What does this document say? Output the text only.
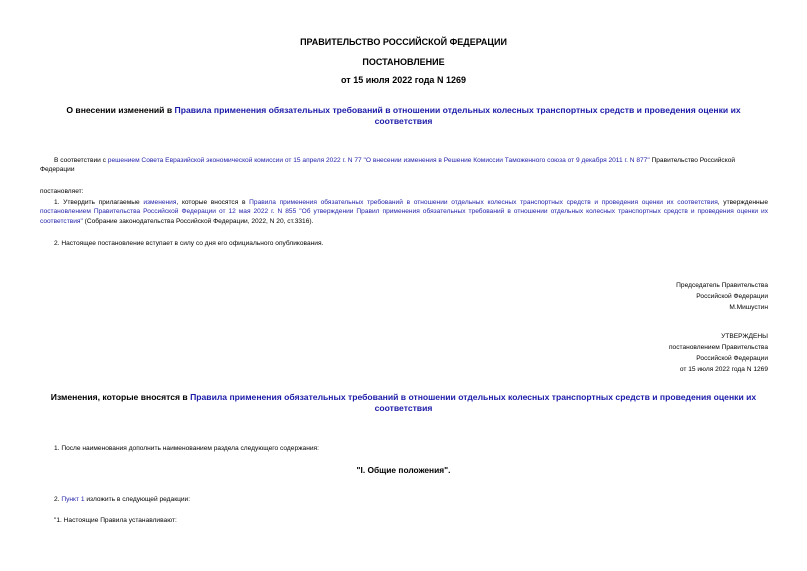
ПРАВИТЕЛЬСТВО РОССИЙСКОЙ ФЕДЕРАЦИИ
ПОСТАНОВЛЕНИЕ
от 15 июля 2022 года N 1269
О внесении изменений в Правила применения обязательных требований в отношении отдельных колесных транспортных средств и проведения оценки их соответствия
В соответствии с решением Совета Евразийской экономической комиссии от 15 апреля 2022 г. N 77 "О внесении изменения в Решение Комиссии Таможенного союза от 9 декабря 2011 г. N 877" Правительство Российской Федерации
постановляет:
1. Утвердить прилагаемые изменения, которые вносятся в Правила применения обязательных требований в отношении отдельных колесных транспортных средств и проведения оценки их соответствия, утвержденные постановлением Правительства Российской Федерации от 12 мая 2022 г. N 855 "Об утверждении Правил применения обязательных требований в отношении отдельных колесных транспортных средств и проведения оценки их соответствия" (Собрание законодательства Российской Федерации, 2022, N 20, ст.3316).
2. Настоящее постановление вступает в силу со дня его официального опубликования.
Председатель Правительства
Российской Федерации
М.Мишустин
УТВЕРЖДЕНЫ
постановлением Правительства
Российской Федерации
от 15 июля 2022 года N 1269
Изменения, которые вносятся в Правила применения обязательных требований в отношении отдельных колесных транспортных средств и проведения оценки их соответствия
1. После наименования дополнить наименованием раздела следующего содержания:
"I. Общие положения".
2. Пункт 1 изложить в следующей редакции:
"1. Настоящие Правила устанавливают:
